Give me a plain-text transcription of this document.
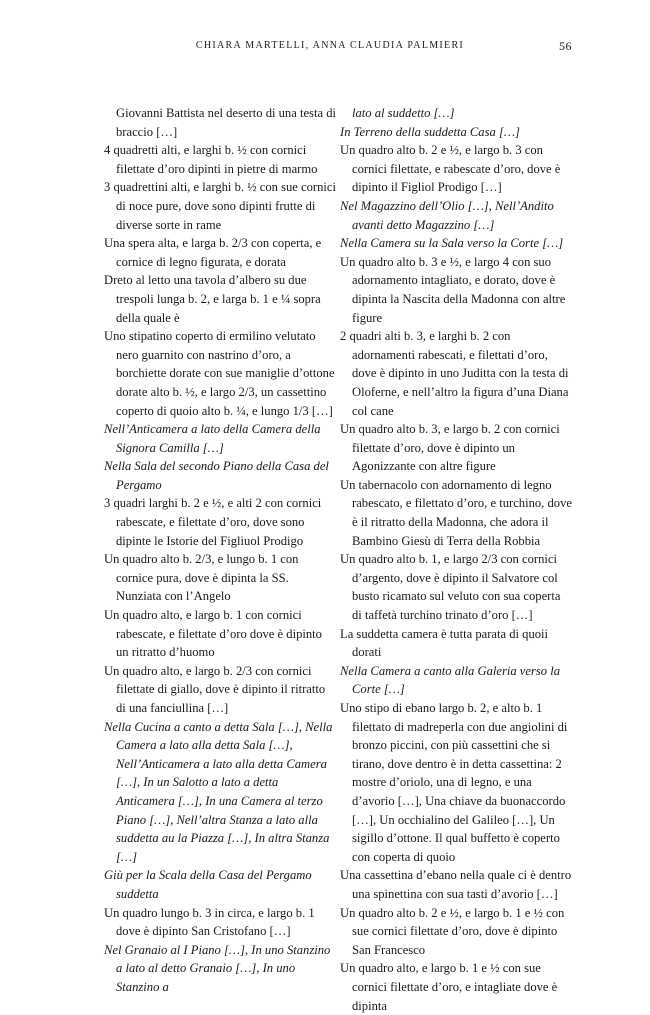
CHIARA MARTELLI, ANNA CLAUDIA PALMIERI	56

Giovanni Battista nel deserto di una testa di braccio […]

4 quadretti alti, e larghi b. ½ con cornici filettate d’oro dipinti in pietre di marmo

3 quadrettini alti, e larghi b. ½ con sue cornici di noce pure, dove sono dipinti frutte di diverse sorte in rame

Una spera alta, e larga b. 2/3 con coperta, e cornice di legno figurata, e dorata

Dreto al letto una tavola d’albero su due trespoli lunga b. 2, e larga b. 1 e ¼ sopra della quale è

Uno stipatino coperto di ermilino velutato nero guarnito con nastrino d’oro, a borchiette dorate con sue maniglie d’ottone dorate alto b. ½, e largo 2/3, un cassettino coperto di quoio alto b. ¼, e lungo 1/3 […]

Nell’Anticamera a lato della Camera della Signora Camilla […]

Nella Sala del secondo Piano della Casa del Pergamo

3 quadri larghi b. 2 e ½, e alti 2 con cornici rabescate, e filettate d’oro, dove sono dipinte le Istorie del Figliuol Prodigo

Un quadro alto b. 2/3, e lungo b. 1 con cornice pura, dove è dipinta la SS. Nunziata con l’Angelo

Un quadro alto, e largo b. 1 con cornici rabescate, e filettate d’oro dove è dipinto un ritratto d’huomo

Un quadro alto, e largo b. 2/3 con cornici filettate di giallo, dove è dipinto il ritratto di una fanciullina […]

Nella Cucina a canto a detta Sala […], Nella Camera a lato alla detta Sala […], Nell’Anticamera a lato alla detta Camera […], In un Salotto a lato a detta Anticamera […], In una Camera al terzo Piano […], Nell’altra Stanza a lato alla suddetta au la Piazza […], In altra Stanza […]

Giù per la Scala della Casa del Pergamo suddetta

Un quadro lungo b. 3 in circa, e largo b. 1 dove è dipinto San Cristofano […]

Nel Granaio al I Piano […], In uno Stanzino a lato al detto Granaio […], In uno Stanzino a

lato al suddetto […]

In Terreno della suddetta Casa […]

Un quadro alto b. 2 e ½, e largo b. 3 con cornici filettate, e rabescate d’oro, dove è dipinto il Figliol Prodigo […]

Nel Magazzino dell’Olio […], Nell’Andito avanti detto Magazzino […]

Nella Camera su la Sala verso la Corte […]

Un quadro alto b. 3 e ½, e largo 4 con suo adornamento intagliato, e dorato, dove è dipinta la Nascita della Madonna con altre figure

2 quadri alti b. 3, e larghi b. 2 con adornamenti rabescati, e filettati d’oro, dove è dipinto in uno Juditta con la testa di Oloferne, e nell’altro la figura d’una Diana col cane

Un quadro alto b. 3, e largo b. 2 con cornici filettate d’oro, dove è dipinto un Agonizzante con altre figure

Un tabernacolo con adornamento di legno rabescato, e filettato d’oro, e turchino, dove è il ritratto della Madonna, che adora il Bambino Giesù di Terra della Robbia

Un quadro alto b. 1, e largo 2/3 con cornici d’argento, dove è dipinto il Salvatore col busto ricamato sul veluto con sua coperta di taffetà turchino trinato d’oro […]

La suddetta camera è tutta parata di quoii dorati

Nella Camera a canto alla Galeria verso la Corte […]

Uno stipo di ebano largo b. 2, e alto b. 1 filettato di madreperla con due angiolini di bronzo piccini, con più cassettini che si tirano, dove dentro è in detta cassettina: 2 mostre d’oriolo, una di legno, e una d’avorio […], Una chiave da buonaccordo […], Un occhialino del Galileo […], Un sigillo d’ottone. Il qual buffetto è coperto con coperta di quoio

Una cassettina d’ebano nella quale ci è dentro una spinettina con sua tasti d’avorio […]

Un quadro alto b. 2 e ½, e largo b. 1 e ½ con sue cornici filettate d’oro, dove è dipinto San Francesco

Un quadro alto, e largo b. 1 e ½ con sue cornici filettate d’oro, e intagliate dove è dipinta
